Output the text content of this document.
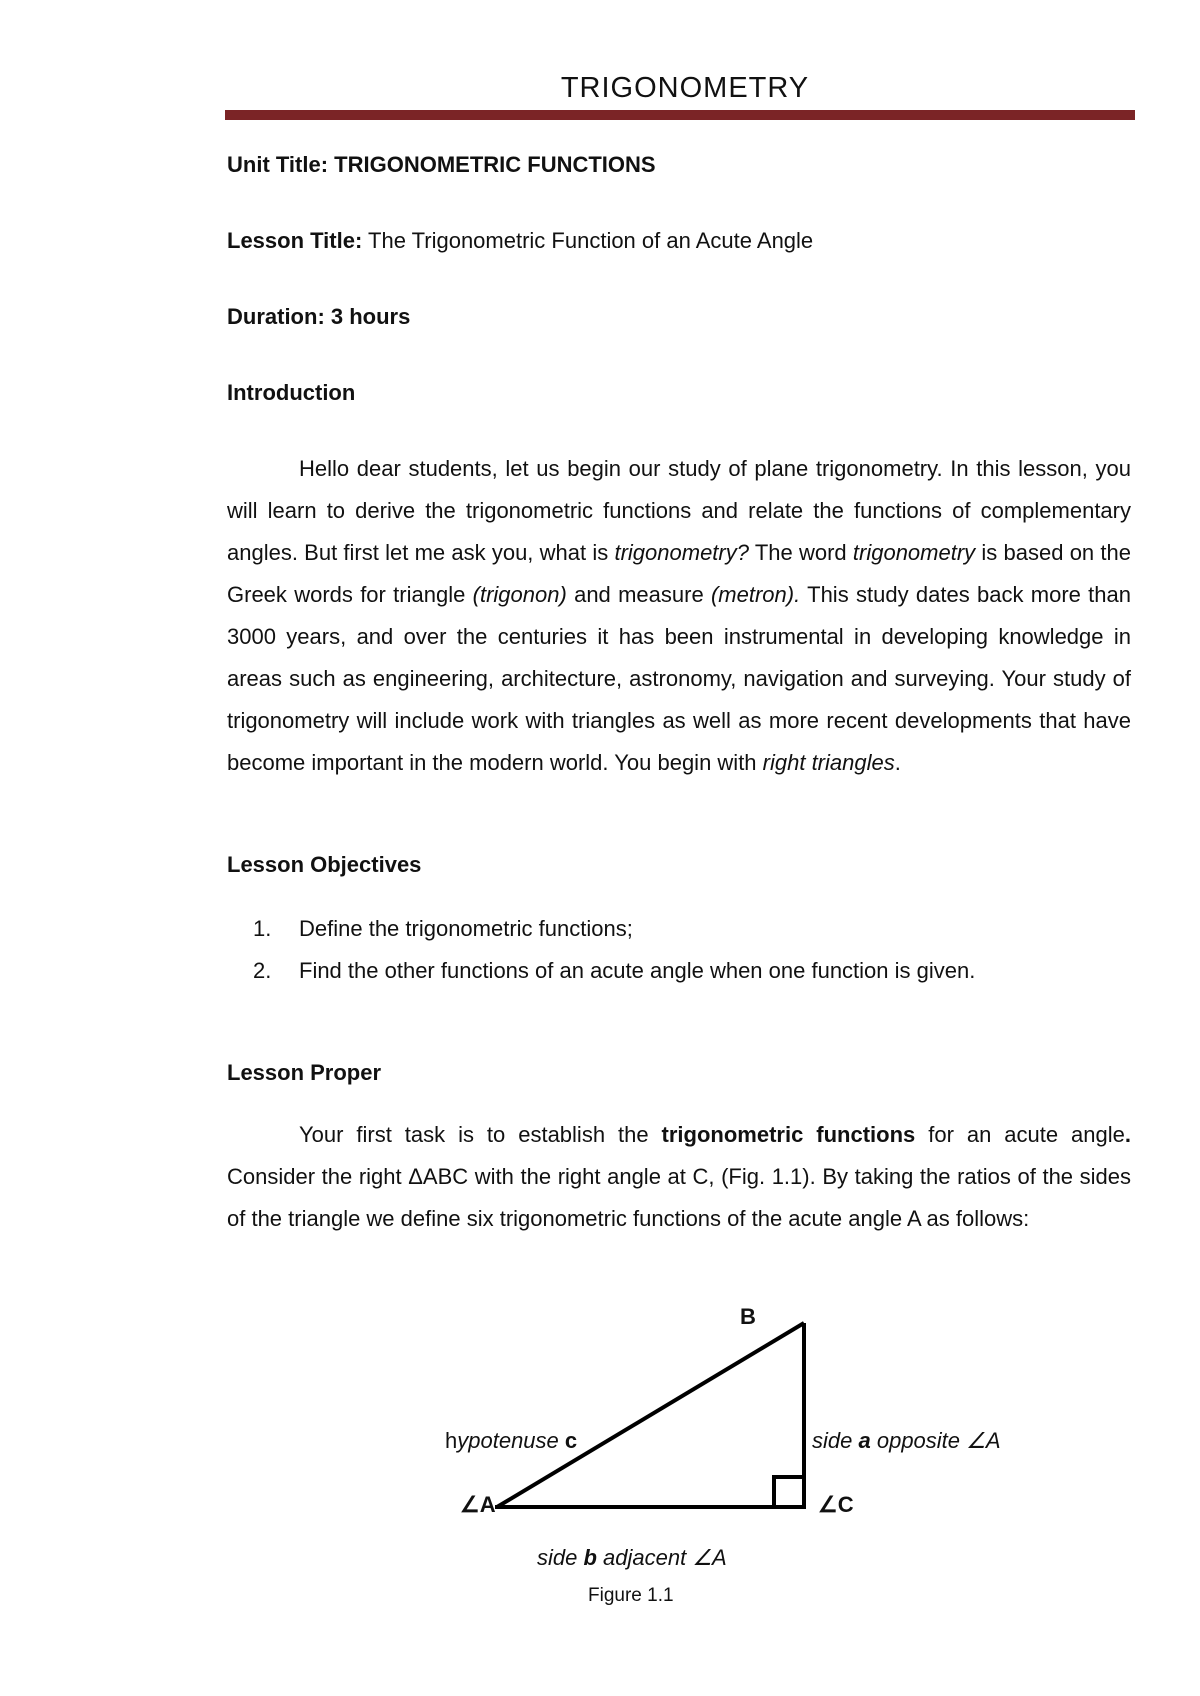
TRIGONOMETRY
Unit Title: TRIGONOMETRIC FUNCTIONS
Lesson Title: The Trigonometric Function of an Acute Angle
Duration: 3 hours
Introduction

Hello dear students, let us begin our study of plane trigonometry. In this lesson, you will learn to derive the trigonometric functions and relate the functions of complementary angles. But first let me ask you, what is trigonometry? The word trigonometry is based on the Greek words for triangle (trigonon) and measure (metron). This study dates back more than 3000 years, and over the centuries it has been instrumental in developing knowledge in areas such as engineering, architecture, astronomy, navigation and surveying. Your study of trigonometry will include work with triangles as well as more recent developments that have become important in the modern world. You begin with right triangles.

Lesson Objectives
1. Define the trigonometric functions;
2. Find the other functions of an acute angle when one function is given.
Lesson Proper

Your first task is to establish the trigonometric functions for an acute angle. Consider the right ΔABC with the right angle at C, (Fig. 1.1). By taking the ratios of the sides of the triangle we define six trigonometric functions of the acute angle A as follows:

B
hypotenuse c	side a opposite ∠A
∠A	∠C
side b adjacent ∠A
Figure 1.1
